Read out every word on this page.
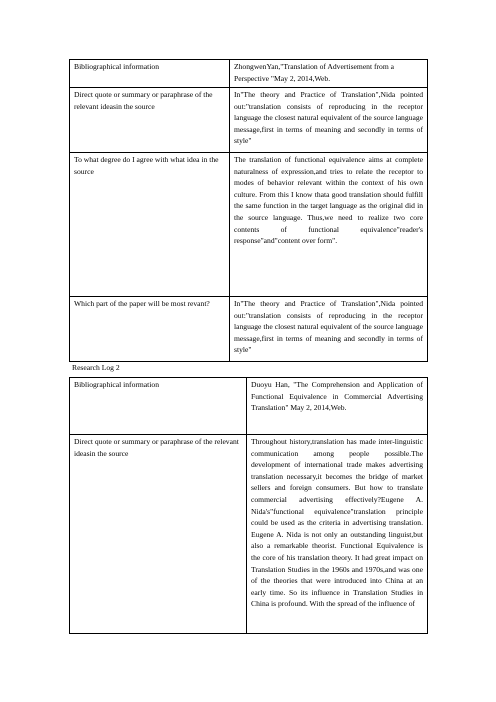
Bibliographical information	ZhongwenYan,"Translation of Advertisement from a Perspective "May 2, 2014,Web.
Direct quote or summary or paraphrase of the relevant ideasin the source	In"The theory and Practice of Translation",Nida pointed out:"translation consists of reproducing in the receptor language the closest natural equivalent of the source language message,first in terms of meaning and secondly in terms of style"
To what degree do I agree with what idea in the source	The translation of functional equivalence aims at complete naturalness of expression,and tries to relate the receptor to modes of behavior relevant within the context of his own culture. From this I know thata good translation should fulfill the same function in the target language as the original did in the source language. Thus,we need to realize two core contents of functional equivalence"reader's response"and"content over form".
Which part of the paper will be most revant?	In"The theory and Practice of Translation",Nida pointed out:"translation consists of reproducing in the receptor language the closest natural equivalent of the source language message,first in terms of meaning and secondly in terms of style"
Research Log 2
Bibliographical information	Duoyu Han, "The Comprehension and Application of Functional Equivalence in Commercial Advertising Translation" May 2, 2014,Web.
Direct quote or summary or paraphrase of the relevant ideasin the source	Throughout history,translation has made inter-linguistic communication among people possible.The development of international trade makes advertising translation necessary,it becomes the bridge of market sellers and foreign consumers. But how to translate commercial advertising effectively?Eugene A. Nida's"functional equivalence"translation principle could be used as the criteria in advertising translation. Eugene A. Nida is not only an outstanding linguist,but also a remarkable theorist. Functional Equivalence is the core of his translation theory. It had great impact on Translation Studies in the 1960s and 1970s,and was one of the theories that were introduced into China at an early time. So its influence in Translation Studies in China is profound. With the spread of the influence of
